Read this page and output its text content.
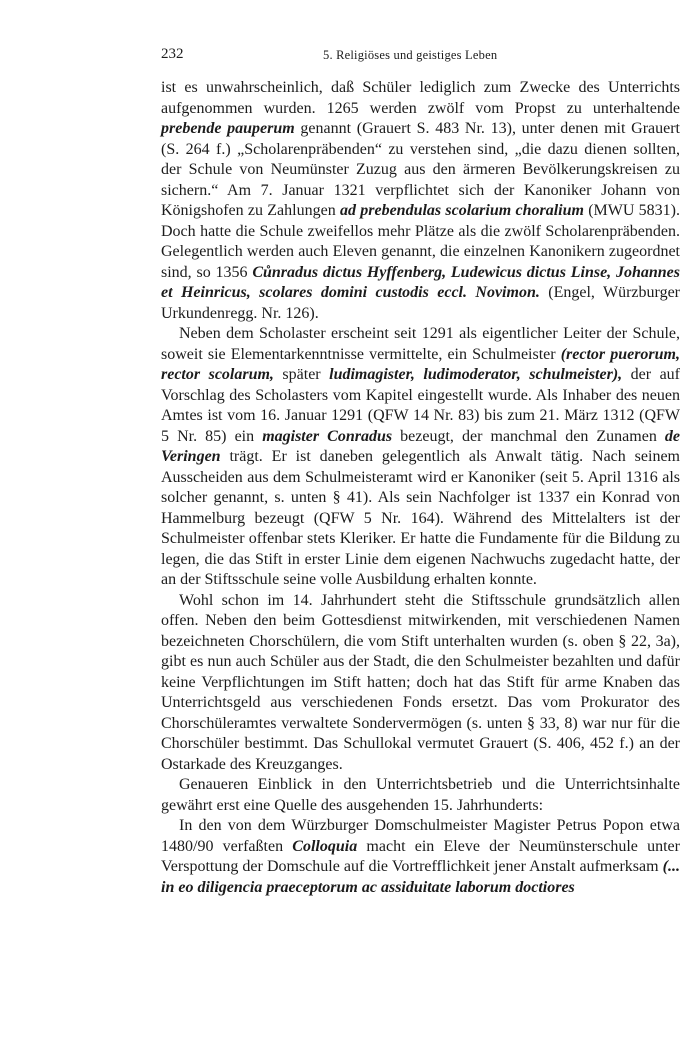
232	5. Religiöses und geistiges Leben

ist es unwahrscheinlich, daß Schüler lediglich zum Zwecke des Unterrichts aufgenommen wurden. 1265 werden zwölf vom Propst zu unterhaltende prebende pauperum genannt (Grauert S. 483 Nr. 13), unter denen mit Grauert (S. 264 f.) „Scholarenpräbenden“ zu verstehen sind, „die dazu dienen sollten, der Schule von Neumünster Zuzug aus den ärmeren Bevölkerungskreisen zu sichern.“ Am 7. Januar 1321 verpflichtet sich der Kanoniker Johann von Königshofen zu Zahlungen ad prebendulas scolarium choralium (MWU 5831). Doch hatte die Schule zweifellos mehr Plätze als die zwölf Scholarenpräbenden. Gelegentlich werden auch Eleven genannt, die einzelnen Kanonikern zugeordnet sind, so 1356 Cůnradus dictus Hyffenberg, Ludewicus dictus Linse, Johannes et Heinricus, scolares domini custodis eccl. Novimon. (Engel, Würzburger Urkundenregg. Nr. 126).

Neben dem Scholaster erscheint seit 1291 als eigentlicher Leiter der Schule, soweit sie Elementarkenntnisse vermittelte, ein Schulmeister (rector puerorum, rector scolarum, später ludimagister, ludimoderator, schulmeister), der auf Vorschlag des Scholasters vom Kapitel eingestellt wurde. Als Inhaber des neuen Amtes ist vom 16. Januar 1291 (QFW 14 Nr. 83) bis zum 21. März 1312 (QFW 5 Nr. 85) ein magister Conradus bezeugt, der manchmal den Zunamen de Veringen trägt. Er ist daneben gelegentlich als Anwalt tätig. Nach seinem Ausscheiden aus dem Schulmeisteramt wird er Kanoniker (seit 5. April 1316 als solcher genannt, s. unten § 41). Als sein Nachfolger ist 1337 ein Konrad von Hammelburg bezeugt (QFW 5 Nr. 164). Während des Mittelalters ist der Schulmeister offenbar stets Kleriker. Er hatte die Fundamente für die Bildung zu legen, die das Stift in erster Linie dem eigenen Nachwuchs zugedacht hatte, der an der Stiftsschule seine volle Ausbildung erhalten konnte.

Wohl schon im 14. Jahrhundert steht die Stiftsschule grundsätzlich allen offen. Neben den beim Gottesdienst mitwirkenden, mit verschiedenen Namen bezeichneten Chorschülern, die vom Stift unterhalten wurden (s. oben § 22, 3a), gibt es nun auch Schüler aus der Stadt, die den Schulmeister bezahlten und dafür keine Verpflichtungen im Stift hatten; doch hat das Stift für arme Knaben das Unterrichtsgeld aus verschiedenen Fonds ersetzt. Das vom Prokurator des Chorschüleramtes verwaltete Sondervermögen (s. unten § 33, 8) war nur für die Chorschüler bestimmt. Das Schullokal vermutet Grauert (S. 406, 452 f.) an der Ostarkade des Kreuzganges.

Genaueren Einblick in den Unterrichtsbetrieb und die Unterrichtsinhalte gewährt erst eine Quelle des ausgehenden 15. Jahrhunderts:

In den von dem Würzburger Domschulmeister Magister Petrus Popon etwa 1480/90 verfaßten Colloquia macht ein Eleve der Neumünsterschule unter Verspottung der Domschule auf die Vortrefflichkeit jener Anstalt aufmerksam (... in eo diligencia praeceptorum ac assiduitate laborum doctiores
